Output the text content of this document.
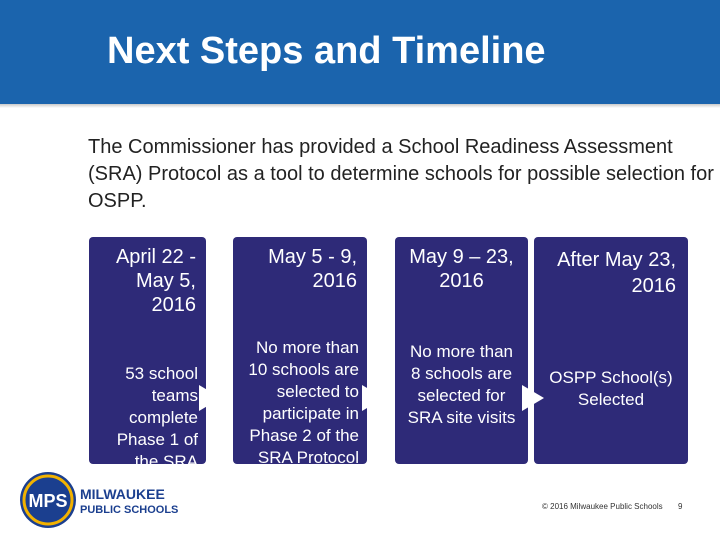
Next Steps and Timeline

The Commissioner has provided a School Readiness Assessment (SRA) Protocol as a tool to determine schools for possible selection for OSPP.

April 22 - May 5, 2016
53 school teams complete Phase 1 of the SRA Protocol
May 5 - 9, 2016
No more than 10 schools are selected to participate in Phase 2 of the SRA Protocol
May 9 – 23, 2016
No more than 8 schools are selected for SRA site visits
After May 23, 2016
OSPP School(s) Selected
MPS MILWAUKEE
PUBLIC SCHOOLS	© 2016 Milwaukee Public Schools 9
